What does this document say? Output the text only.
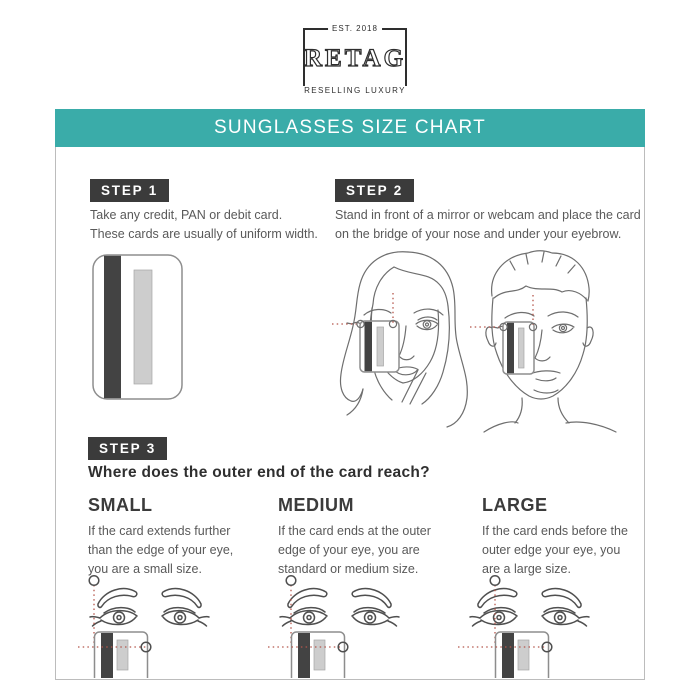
EST. 2018
RETAG
RESELLING LUXURY
SUNGLASSES SIZE CHART
STEP 1
Take any credit, PAN or debit card.
These cards are usually of uniform width.
STEP 2
Stand in front of a mirror or webcam and place the card
on the bridge of your nose and under your eyebrow.
STEP 3
Where does the outer end of the card reach?
SMALL
If the card extends further
than the edge of your eye,
you are a small size.
MEDIUM
If the card ends at the outer
edge of your eye, you are
standard or medium size.
LARGE
If the card ends before the
outer edge your eye, you
are a large size.
